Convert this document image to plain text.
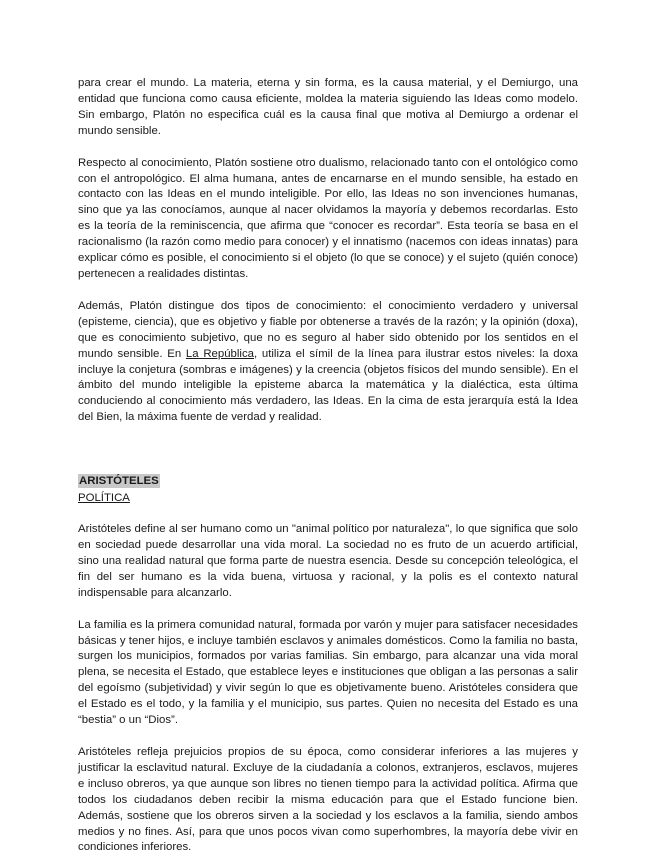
para crear el mundo. La materia, eterna y sin forma, es la causa material, y el Demiurgo, una entidad que funciona como causa eficiente, moldea la materia siguiendo las Ideas como modelo. Sin embargo, Platón no especifica cuál es la causa final que motiva al Demiurgo a ordenar el mundo sensible.

Respecto al conocimiento, Platón sostiene otro dualismo, relacionado tanto con el ontológico como con el antropológico. El alma humana, antes de encarnarse en el mundo sensible, ha estado en contacto con las Ideas en el mundo inteligible. Por ello, las Ideas no son invenciones humanas, sino que ya las conocíamos, aunque al nacer olvidamos la mayoría y debemos recordarlas. Esto es la teoría de la reminiscencia, que afirma que “conocer es recordar”. Esta teoría se basa en el racionalismo (la razón como medio para conocer) y el innatismo (nacemos con ideas innatas) para explicar cómo es posible, el conocimiento si el objeto (lo que se conoce) y el sujeto (quién conoce) pertenecen a realidades distintas.

Además, Platón distingue dos tipos de conocimiento: el conocimiento verdadero y universal (episteme, ciencia), que es objetivo y fiable por obtenerse a través de la razón; y la opinión (doxa), que es conocimiento subjetivo, que no es seguro al haber sido obtenido por los sentidos en el mundo sensible. En La República, utiliza el símil de la línea para ilustrar estos niveles: la doxa incluye la conjetura (sombras e imágenes) y la creencia (objetos físicos del mundo sensible). En el ámbito del mundo inteligible la episteme abarca la matemática y la dialéctica, esta última conduciendo al conocimiento más verdadero, las Ideas. En la cima de esta jerarquía está la Idea del Bien, la máxima fuente de verdad y realidad.

ARISTÓTELES
POLÍTICA

Aristóteles define al ser humano como un "animal político por naturaleza", lo que significa que solo en sociedad puede desarrollar una vida moral. La sociedad no es fruto de un acuerdo artificial, sino una realidad natural que forma parte de nuestra esencia. Desde su concepción teleológica, el fin del ser humano es la vida buena, virtuosa y racional, y la polis es el contexto natural indispensable para alcanzarlo.

La familia es la primera comunidad natural, formada por varón y mujer para satisfacer necesidades básicas y tener hijos, e incluye también esclavos y animales domésticos. Como la familia no basta, surgen los municipios, formados por varias familias. Sin embargo, para alcanzar una vida moral plena, se necesita el Estado, que establece leyes e instituciones que obligan a las personas a salir del egoísmo (subjetividad) y vivir según lo que es objetivamente bueno. Aristóteles considera que el Estado es el todo, y la familia y el municipio, sus partes. Quien no necesita del Estado es una “bestia” o un “Dios”.

Aristóteles refleja prejuicios propios de su época, como considerar inferiores a las mujeres y justificar la esclavitud natural. Excluye de la ciudadanía a colonos, extranjeros, esclavos, mujeres e incluso obreros, ya que aunque son libres no tienen tiempo para la actividad política. Afirma que todos los ciudadanos deben recibir la misma educación para que el Estado funcione bien. Además, sostiene que los obreros sirven a la sociedad y los esclavos a la familia, siendo ambos medios y no fines. Así, para que unos pocos vivan como superhombres, la mayoría debe vivir en condiciones inferiores.
